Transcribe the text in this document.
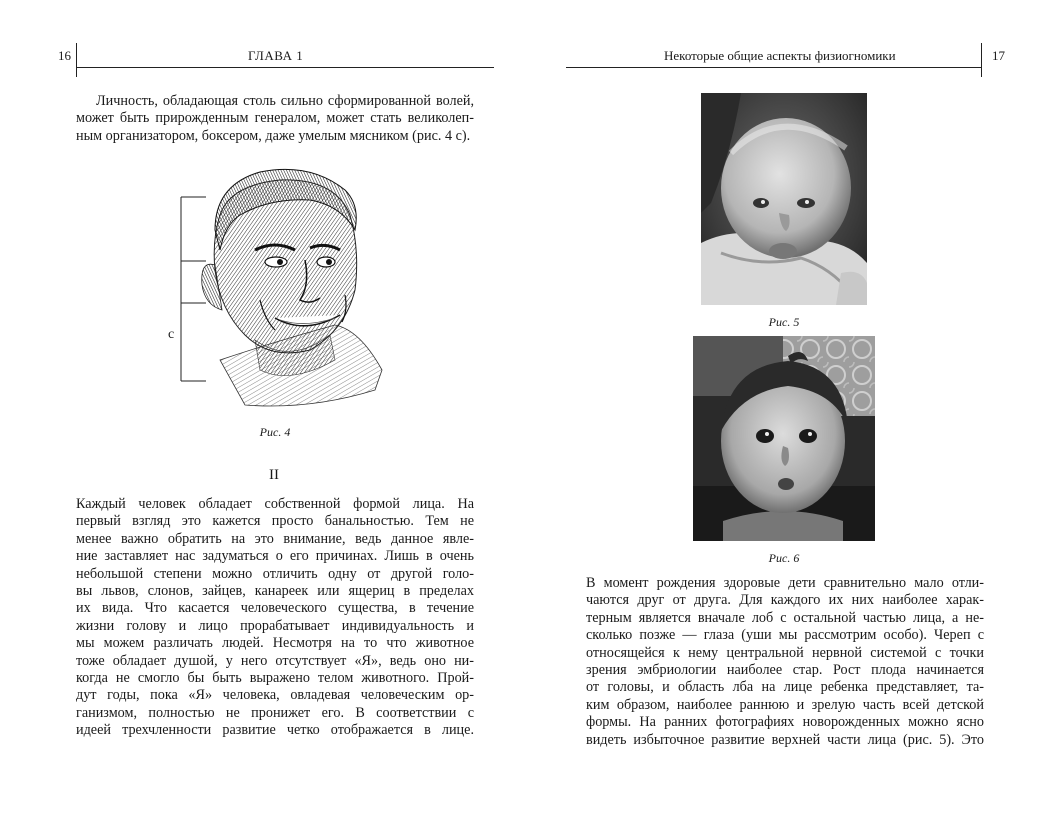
16	ГЛАВА 1
Личность, обладающая столь сильно сформированной волей,
может быть прирожденным генералом, может стать великолеп-
ным организатором, боксером, даже умелым мясником (рис. 4 с).
c
Рис. 4
II
Каждый человек обладает собственной формой лица. На
первый взгляд это кажется просто банальностью. Тем не
менее важно обратить на это внимание, ведь данное явле-
ние заставляет нас задуматься о его причинах. Лишь в очень
небольшой степени можно отличить одну от другой голо-
вы львов, слонов, зайцев, канареек или ящериц в пределах
их вида. Что касается человеческого существа, в течение
жизни голову и лицо прорабатывает индивидуальность и
мы можем различать людей. Несмотря на то что животное
тоже обладает душой, у него отсутствует «Я», ведь оно ни-
когда не смогло бы быть выражено телом животного. Прой-
дут годы, пока «Я» человека, овладевая человеческим ор-
ганизмом, полностью не пронижет его. В соответствии с
идеей трехчленности развитие четко отображается в лице.
Некоторые общие аспекты физиогномики	17
Рис. 5
Рис. 6
В момент рождения здоровые дети сравнительно мало отли-
чаются друг от друга. Для каждого их них наиболее харак-
терным является вначале лоб с остальной частью лица, а не-
сколько позже — глаза (уши мы рассмотрим особо). Череп с
относящейся к нему центральной нервной системой с точки
зрения эмбриологии наиболее стар. Рост плода начинается
от головы, и область лба на лице ребенка представляет, та-
ким образом, наиболее раннюю и зрелую часть всей детской
формы. На ранних фотографиях новорожденных можно ясно
видеть избыточное развитие верхней части лица (рис. 5). Это
